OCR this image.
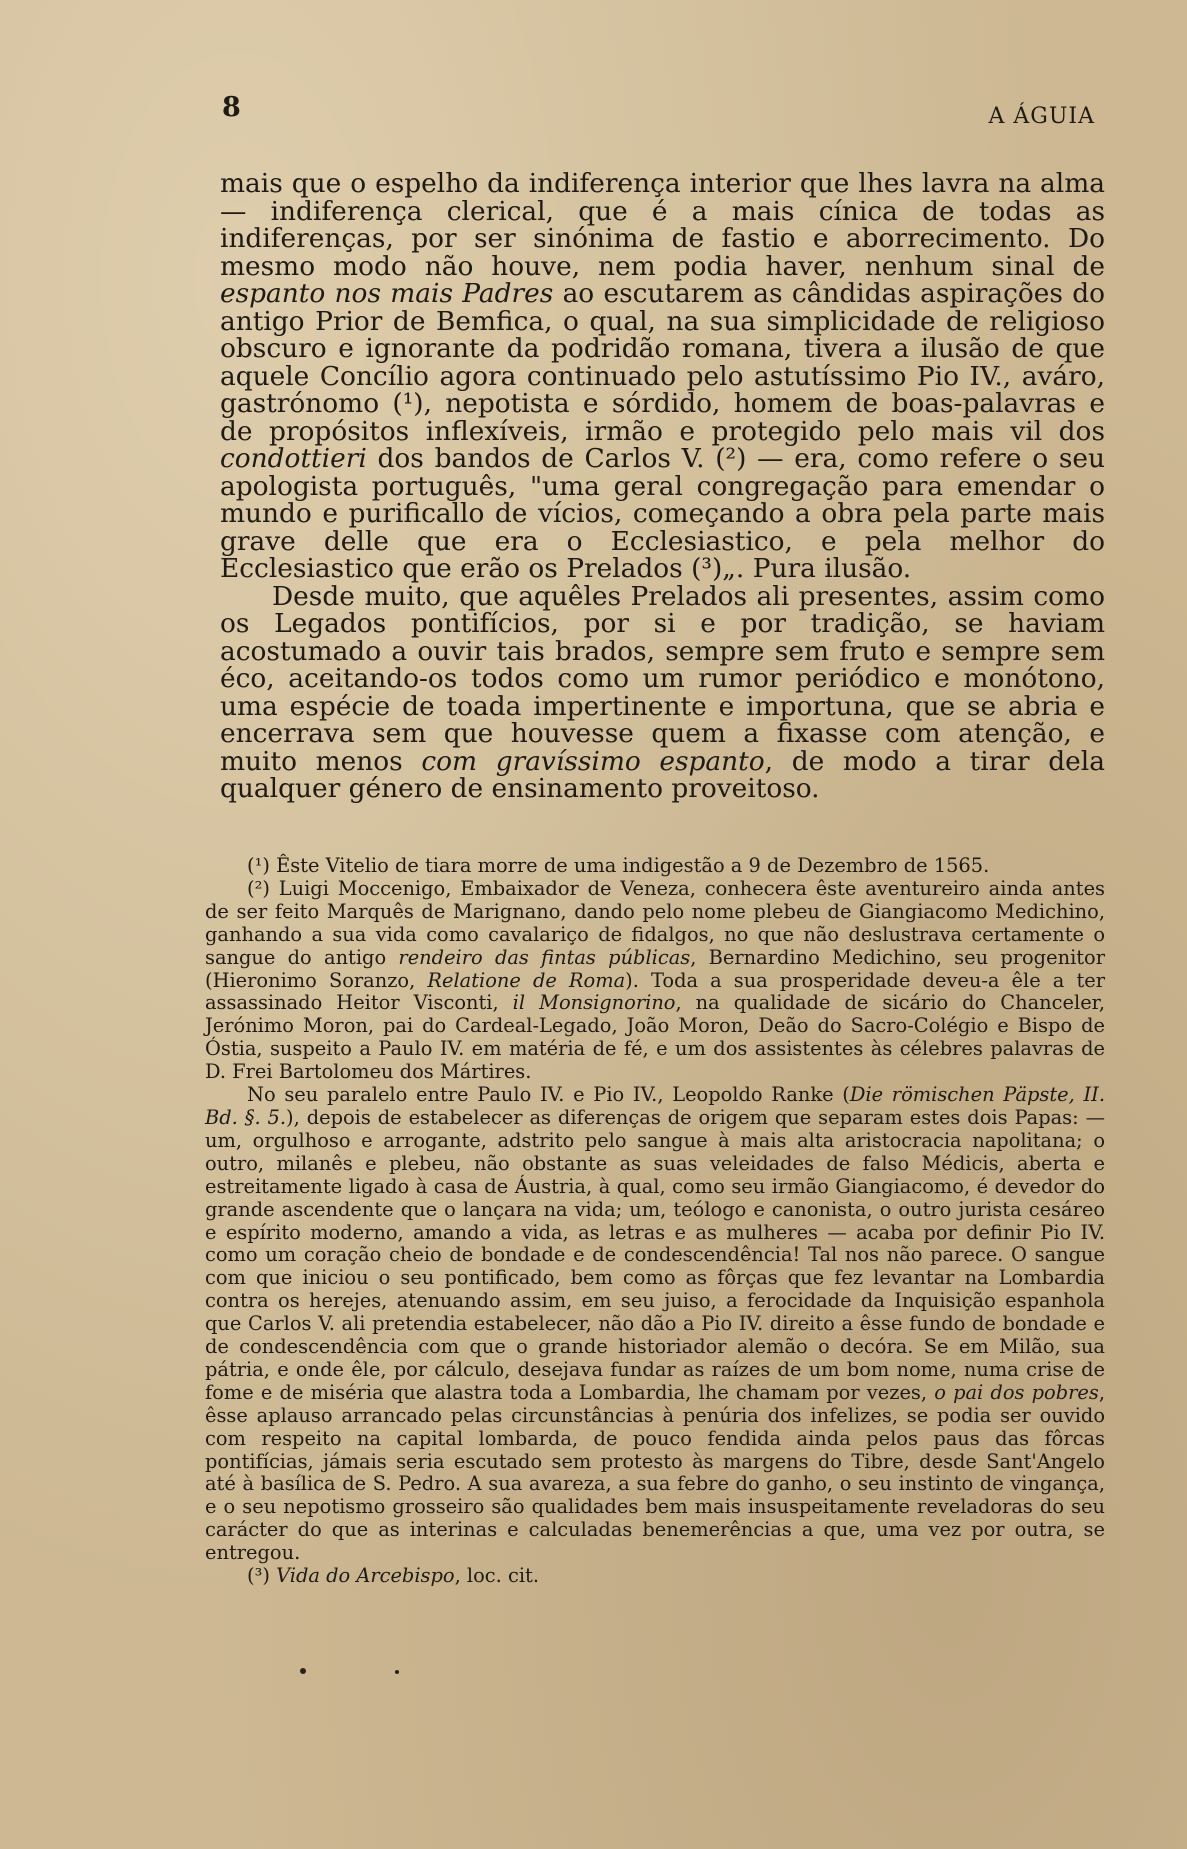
8	A ÁGUIA

mais que o espelho da indiferença interior que lhes lavra na alma — indiferença clerical, que é a mais cínica de todas as indiferenças, por ser sinónima de fastio e aborrecimento. Do mesmo modo não houve, nem podia haver, nenhum sinal de espanto nos mais Padres ao escutarem as cândidas aspirações do antigo Prior de Bemfica, o qual, na sua simplicidade de religioso obscuro e ignorante da podridão romana, tivera a ilusão de que aquele Concílio agora continuado pelo astutíssimo Pio IV., aváro, gastrónomo (¹), nepotista e sórdido, homem de boas-palavras e de propósitos inflexíveis, irmão e protegido pelo mais vil dos condottieri dos bandos de Carlos V. (²) — era, como refere o seu apologista português, "uma geral congregação para emendar o mundo e purificallo de vícios, começando a obra pela parte mais grave delle que era o Ecclesiastico, e pela melhor do Ecclesiastico que erão os Prelados (³)„. Pura ilusão.

Desde muito, que aquêles Prelados ali presentes, assim como os Legados pontifícios, por si e por tradição, se haviam acostumado a ouvir tais brados, sempre sem fruto e sempre sem éco, aceitando-os todos como um rumor periódico e monótono, uma espécie de toada impertinente e importuna, que se abria e encerrava sem que houvesse quem a fixasse com atenção, e muito menos com gravíssimo espanto, de modo a tirar dela qualquer género de ensinamento proveitoso.

(¹) Êste Vitelio de tiara morre de uma indigestão a 9 de Dezembro de 1565.

(²) Luigi Moccenigo, Embaixador de Veneza, conhecera êste aventureiro ainda antes de ser feito Marquês de Marignano, dando pelo nome plebeu de Giangiacomo Medichino, ganhando a sua vida como cavalariço de fidalgos, no que não deslustrava certamente o sangue do antigo rendeiro das fintas públicas, Bernardino Medichino, seu progenitor (Hieronimo Soranzo, Relatione de Roma). Toda a sua prosperidade deveu-a êle a ter assassinado Heitor Visconti, il Monsignorino, na qualidade de sicário do Chanceler, Jerónimo Moron, pai do Cardeal-Legado, João Moron, Deão do Sacro-Colégio e Bispo de Óstia, suspeito a Paulo IV. em matéria de fé, e um dos assistentes às célebres palavras de D. Frei Bartolomeu dos Mártires.

No seu paralelo entre Paulo IV. e Pio IV., Leopoldo Ranke (Die römischen Päpste, II. Bd. §. 5.), depois de estabelecer as diferenças de origem que separam estes dois Papas: — um, orgulhoso e arrogante, adstrito pelo sangue à mais alta aristocracia napolitana; o outro, milanês e plebeu, não obstante as suas veleidades de falso Médicis, aberta e estreitamente ligado à casa de Áustria, à qual, como seu irmão Giangiacomo, é devedor do grande ascendente que o lançara na vida; um, teólogo e canonista, o outro jurista cesáreo e espírito moderno, amando a vida, as letras e as mulheres — acaba por definir Pio IV. como um coração cheio de bondade e de condescendência! Tal nos não parece. O sangue com que iniciou o seu pontificado, bem como as fôrças que fez levantar na Lombardia contra os herejes, atenuando assim, em seu juiso, a ferocidade da Inquisição espanhola que Carlos V. ali pretendia estabelecer, não dão a Pio IV. direito a êsse fundo de bondade e de condescendência com que o grande historiador alemão o decóra. Se em Milão, sua pátria, e onde êle, por cálculo, desejava fundar as raízes de um bom nome, numa crise de fome e de miséria que alastra toda a Lombardia, lhe chamam por vezes, o pai dos pobres, êsse aplauso arrancado pelas circunstâncias à penúria dos infelizes, se podia ser ouvido com respeito na capital lombarda, de pouco fendida ainda pelos paus das fôrcas pontifícias, jámais seria escutado sem protesto às margens do Tibre, desde Sant'Angelo até à basílica de S. Pedro. A sua avareza, a sua febre do ganho, o seu instinto de vingança, e o seu nepotismo grosseiro são qualidades bem mais insuspeitamente reveladoras do seu carácter do que as interinas e calculadas benemerências a que, uma vez por outra, se entregou.

(³) Vida do Arcebispo, loc. cit.
